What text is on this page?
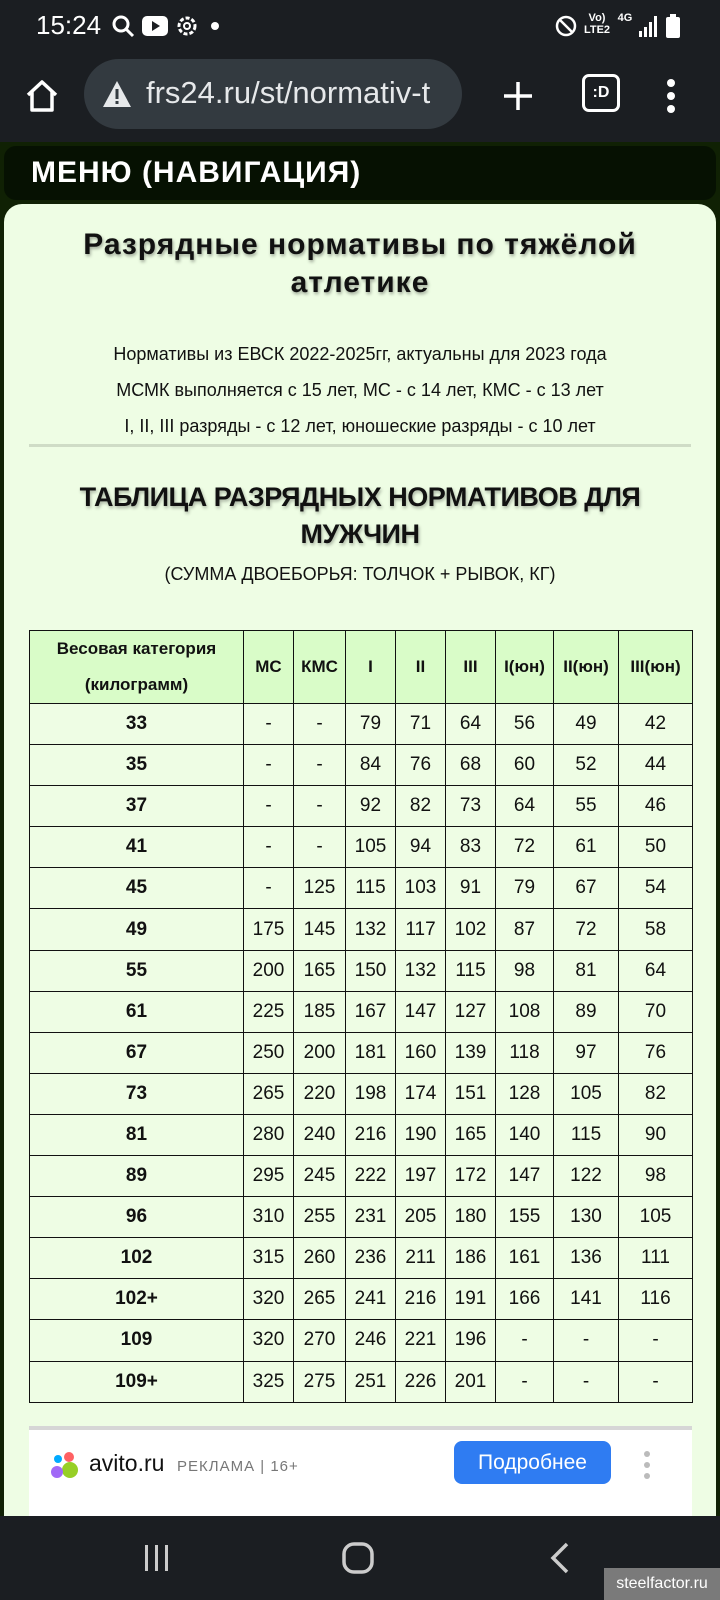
15:24	Vo) LTE2
4G
frs24.ru/st/normativ-t	:D
МЕНЮ (НАВИГАЦИЯ)
Разрядные нормативы по тяжёлой атлетике
Нормативы из ЕВСК 2022-2025гг, актуальны для 2023 года
МСМК выполняется с 15 лет, МС - с 14 лет, КМС - с 13 лет
I, II, III разряды - с 12 лет, юношеские разряды - с 10 лет
ТАБЛИЦА РАЗРЯДНЫХ НОРМАТИВОВ ДЛЯ МУЖЧИН
(СУММА ДВОЕБОРЬЯ: ТОЛЧОК + РЫВОК, КГ)
Весовая категория (килограмм)	МС	КМС	I	II	III	I(юн)	II(юн)	III(юн)
33	-	-	79	71	64	56	49	42
35	-	-	84	76	68	60	52	44
37	-	-	92	82	73	64	55	46
41	-	-	105	94	83	72	61	50
45	-	125	115	103	91	79	67	54
49	175	145	132	117	102	87	72	58
55	200	165	150	132	115	98	81	64
61	225	185	167	147	127	108	89	70
67	250	200	181	160	139	118	97	76
73	265	220	198	174	151	128	105	82
81	280	240	216	190	165	140	115	90
89	295	245	222	197	172	147	122	98
96	310	255	231	205	180	155	130	105
102	315	260	236	211	186	161	136	111
102+	320	265	241	216	191	166	141	116
109	320	270	246	221	196	-	-	-
109+	325	275	251	226	201	-	-	-
avito.ru РЕКЛАМА | 16+	Подробнее
steelfactor.ru
